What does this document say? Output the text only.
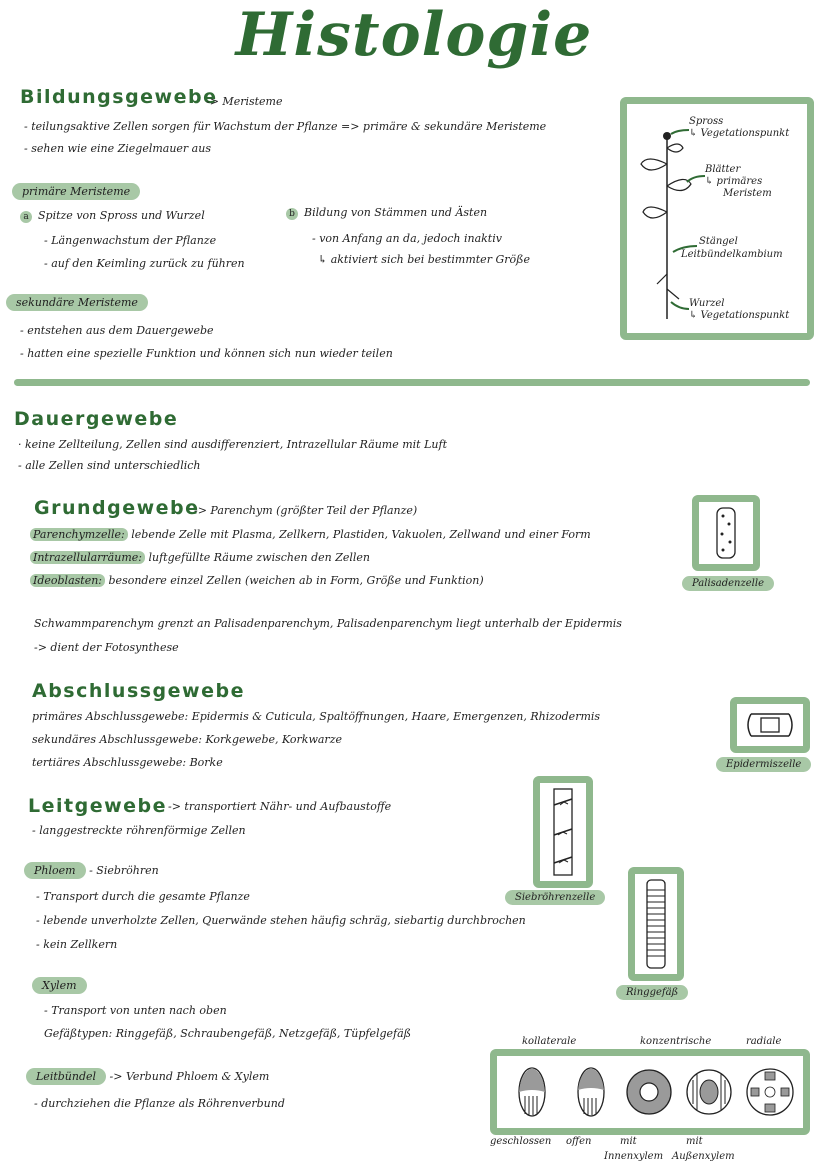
Histologie
Bildungsgewebe
-> Meristeme
- teilungsaktive Zellen sorgen für Wachstum der Pflanze => primäre & sekundäre Meristeme
- sehen wie eine Ziegelmauer aus
primäre Meristeme
a Spitze von Spross und Wurzel
- Längenwachstum der Pflanze
- auf den Keimling zurück zu führen
b Bildung von Stämmen und Ästen
- von Anfang an da, jedoch inaktiv
↳ aktiviert sich bei bestimmter Größe
sekundäre Meristeme
- entstehen aus dem Dauergewebe
- hatten eine spezielle Funktion und können sich nun wieder teilen
Spross
↳ Vegetationspunkt
Blätter
↳ primäres
Meristem
Stängel
Leitbündelkambium
Wurzel
↳ Vegetationspunkt
Dauergewebe
· keine Zellteilung, Zellen sind ausdifferenziert, Intrazellular Räume mit Luft
- alle Zellen sind unterschiedlich
Grundgewebe
-> Parenchym (größter Teil der Pflanze)
Parenchymzelle: lebende Zelle mit Plasma, Zellkern, Plastiden, Vakuolen, Zellwand und einer Form
Intrazellularräume: luftgefüllte Räume zwischen den Zellen
Ideoblasten: besondere einzel Zellen (weichen ab in Form, Größe und Funktion)
Schwammparenchym grenzt an Palisadenparenchym, Palisadenparenchym liegt unterhalb der Epidermis
-> dient der Fotosynthese
Palisadenzelle
Abschlussgewebe
primäres Abschlussgewebe: Epidermis & Cuticula, Spaltöffnungen, Haare, Emergenzen, Rhizodermis
sekundäres Abschlussgewebe: Korkgewebe, Korkwarze
tertiäres Abschlussgewebe: Borke	Epidermiszelle
Leitgewebe -> transportiert Nähr- und Aufbaustoffe
- langgestreckte röhrenförmige Zellen
Phloem - Siebröhren
- Transport durch die gesamte Pflanze
- lebende unverholzte Zellen, Querwände stehen häufig schräg, siebartig durchbrochen
- kein Zellkern
Siebröhrenzelle
Ringgefäß
Xylem
- Transport von unten nach oben
Gefäßtypen: Ringgefäß, Schraubengefäß, Netzgefäß, Tüpfelgefäß
Leitbündel -> Verbund Phloem & Xylem
- durchziehen die Pflanze als Röhrenverbund
kollaterale	konzentrische	radiale
geschlossen offen	mit	mit
Innenxylem Außenxylem
